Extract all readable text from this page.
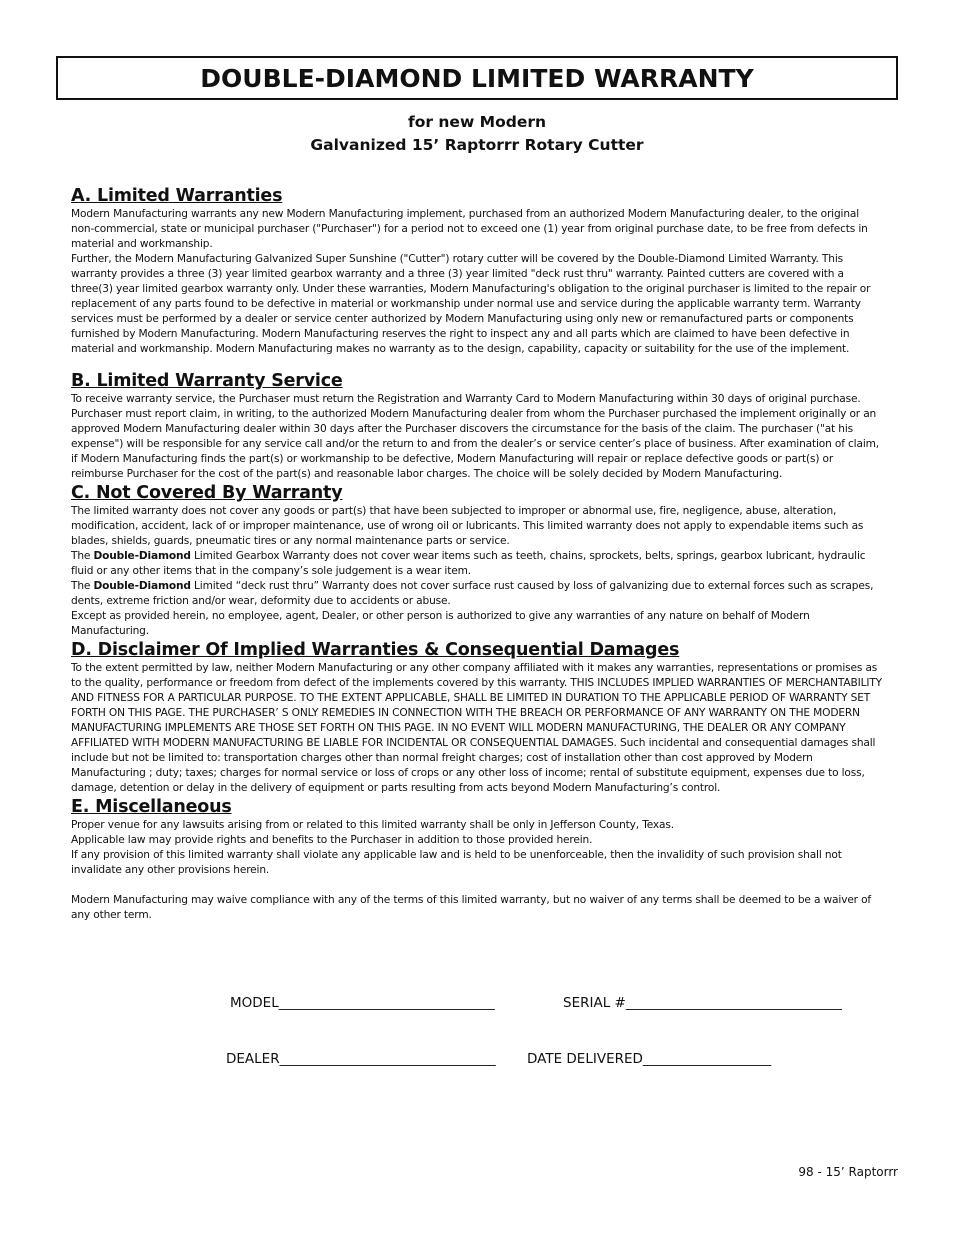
DOUBLE-DIAMOND LIMITED WARRANTY
for new Modern
Galvanized 15’ Raptorrr Rotary Cutter
A. Limited Warranties

Modern Manufacturing warrants any new Modern Manufacturing implement, purchased from an authorized Modern Manufacturing dealer, to the original non-commercial, state or municipal purchaser ("Purchaser") for a period not to exceed one (1) year from original purchase date, to be free from defects in material and workmanship.

Further, the Modern Manufacturing Galvanized Super Sunshine ("Cutter") rotary cutter will be covered by the Double-Diamond Limited Warranty. This warranty provides a three (3) year limited gearbox warranty and a three (3) year limited "deck rust thru" warranty. Painted cutters are covered with a three(3) year limited gearbox warranty only. Under these warranties, Modern Manufacturing's obligation to the original purchaser is limited to the repair or replacement of any parts found to be defective in material or workmanship under normal use and service during the applicable warranty term. Warranty services must be performed by a dealer or service center authorized by Modern Manufacturing using only new or remanufactured parts or components furnished by Modern Manufacturing. Modern Manufacturing reserves the right to inspect any and all parts which are claimed to have been defective in material and workmanship. Modern Manufacturing makes no warranty as to the design, capability, capacity or suitability for the use of the implement.

B. Limited Warranty Service

To receive warranty service, the Purchaser must return the Registration and Warranty Card to Modern Manufacturing within 30 days of original purchase. Purchaser must report claim, in writing, to the authorized Modern Manufacturing dealer from whom the Purchaser purchased the implement originally or an approved Modern Manufacturing dealer within 30 days after the Purchaser discovers the circumstance for the basis of the claim. The purchaser ("at his expense") will be responsible for any service call and/or the return to and from the dealer’s or service center’s place of business. After examination of claim, if Modern Manufacturing finds the part(s) or workmanship to be defective, Modern Manufacturing will repair or replace defective goods or part(s) or reimburse Purchaser for the cost of the part(s) and reasonable labor charges. The choice will be solely decided by Modern Manufacturing.

C. Not Covered By Warranty

The limited warranty does not cover any goods or part(s) that have been subjected to improper or abnormal use, fire, negligence, abuse, alteration, modification, accident, lack of or improper maintenance, use of wrong oil or lubricants. This limited warranty does not apply to expendable items such as blades, shields, guards, pneumatic tires or any normal maintenance parts or service.

The Double-Diamond Limited Gearbox Warranty does not cover wear items such as teeth, chains, sprockets, belts, springs, gearbox lubricant, hydraulic fluid or any other items that in the company’s sole judgement is a wear item.

The Double-Diamond Limited “deck rust thru” Warranty does not cover surface rust caused by loss of galvanizing due to external forces such as scrapes, dents, extreme friction and/or wear, deformity due to accidents or abuse.

Except as provided herein, no employee, agent, Dealer, or other person is authorized to give any warranties of any nature on behalf of Modern Manufacturing.

D. Disclaimer Of Implied Warranties & Consequential Damages

To the extent permitted by law, neither Modern Manufacturing or any other company affiliated with it makes any warranties, representations or promises as to the quality, performance or freedom from defect of the implements covered by this warranty. THIS INCLUDES IMPLIED WARRANTIES OF MERCHANTABILITY AND FITNESS FOR A PARTICULAR PURPOSE. TO THE EXTENT APPLICABLE, SHALL BE LIMITED IN DURATION TO THE APPLICABLE PERIOD OF WARRANTY SET FORTH ON THIS PAGE. THE PURCHASER’ S ONLY REMEDIES IN CONNECTION WITH THE BREACH OR PERFORMANCE OF ANY WARRANTY ON THE MODERN MANUFACTURING IMPLEMENTS ARE THOSE SET FORTH ON THIS PAGE. IN NO EVENT WILL MODERN MANUFACTURING, THE DEALER OR ANY COMPANY AFFILIATED WITH MODERN MANUFACTURING BE LIABLE FOR INCIDENTAL OR CONSEQUENTIAL DAMAGES. Such incidental and consequential damages shall include but not be limited to: transportation charges other than normal freight charges; cost of installation other than cost approved by Modern Manufacturing ; duty; taxes; charges for normal service or loss of crops or any other loss of income; rental of substitute equipment, expenses due to loss, damage, detention or delay in the delivery of equipment or parts resulting from acts beyond Modern Manufacturing’s control.

E. Miscellaneous

Proper venue for any lawsuits arising from or related to this limited warranty shall be only in Jefferson County, Texas.

Applicable law may provide rights and benefits to the Purchaser in addition to those provided herein.

If any provision of this limited warranty shall violate any applicable law and is held to be unenforceable, then the invalidity of such provision shall not invalidate any other provisions herein.

Modern Manufacturing may waive compliance with any of the terms of this limited warranty, but no waiver of any terms shall be deemed to be a waiver of any other term.

MODEL________________________________	SERIAL #________________________________
DEALER________________________________ DATE DELIVERED___________________
98 - 15’ Raptorrr
